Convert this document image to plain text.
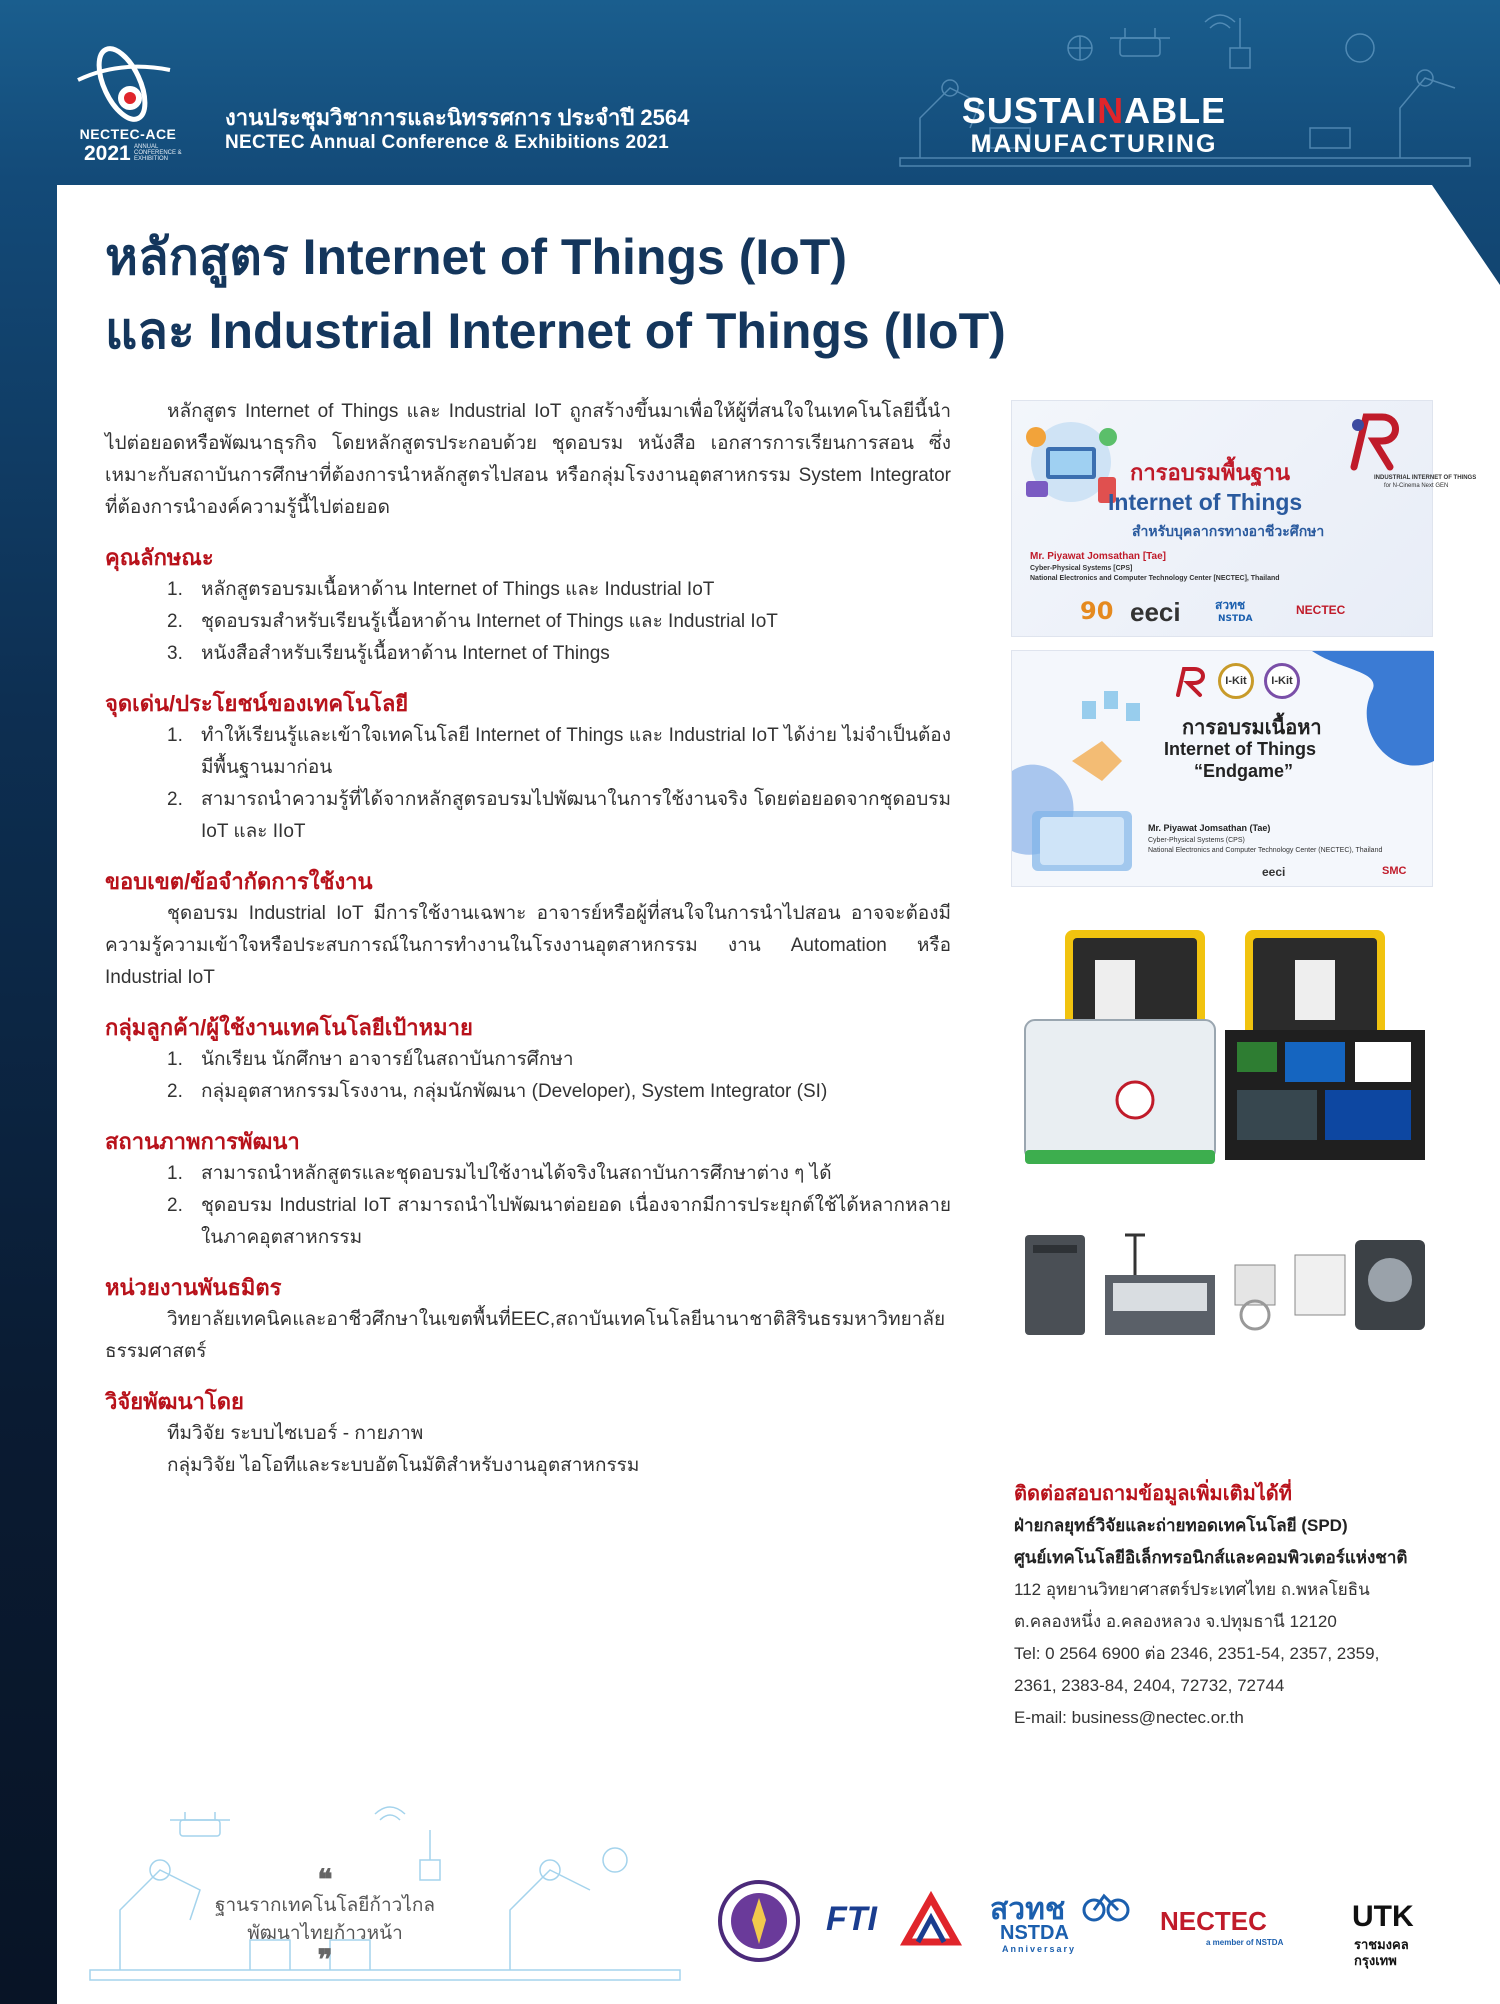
NECTEC-ACE
2021 ANNUAL CONFERENCE & EXHIBITION
งานประชุมวิชาการและนิทรรศการ ประจำปี 2564
NECTEC Annual Conference & Exhibitions 2021
SUSTAINABLE
MANUFACTURING
หลักสูตร Internet of Things (IoT)
และ Industrial Internet of Things (IIoT)

หลักสูตร Internet of Things และ Industrial IoT ถูกสร้างขึ้นมาเพื่อให้ผู้ที่สนใจในเทคโนโลยีนี้นำไปต่อยอดหรือพัฒนาธุรกิจ โดยหลักสูตรประกอบด้วย ชุดอบรม หนังสือ เอกสารการเรียนการสอน ซึ่งเหมาะกับสถาบันการศึกษาที่ต้องการนำหลักสูตรไปสอน หรือกลุ่มโรงงานอุตสาหกรรม System Integrator ที่ต้องการนำองค์ความรู้นี้ไปต่อยอด

คุณลักษณะ
1. หลักสูตรอบรมเนื้อหาด้าน Internet of Things และ Industrial IoT
2. ชุดอบรมสำหรับเรียนรู้เนื้อหาด้าน Internet of Things และ Industrial IoT
3. หนังสือสำหรับเรียนรู้เนื้อหาด้าน Internet of Things
จุดเด่น/ประโยชน์ของเทคโนโลยี
1. ทำให้เรียนรู้และเข้าใจเทคโนโลยี Internet of Things และ Industrial IoT ได้ง่าย ไม่จำเป็นต้องมีพื้นฐานมาก่อน
2. สามารถนำความรู้ที่ได้จากหลักสูตรอบรมไปพัฒนาในการใช้งานจริง โดยต่อยอดจากชุดอบรม IoT และ IIoT
ขอบเขต/ข้อจำกัดการใช้งาน

ชุดอบรม Industrial IoT มีการใช้งานเฉพาะ อาจารย์หรือผู้ที่สนใจในการนำไปสอน อาจจะต้องมีความรู้ความเข้าใจหรือประสบการณ์ในการทำงานในโรงงานอุตสาหกรรม งาน Automation หรือ Industrial IoT

กลุ่มลูกค้า/ผู้ใช้งานเทคโนโลยีเป้าหมาย
1. นักเรียน นักศึกษา อาจารย์ในสถาบันการศึกษา
2. กลุ่มอุตสาหกรรมโรงงาน, กลุ่มนักพัฒนา (Developer), System Integrator (SI)
สถานภาพการพัฒนา
1. สามารถนำหลักสูตรและชุดอบรมไปใช้งานได้จริงในสถาบันการศึกษาต่าง ๆ ได้
2. ชุดอบรม Industrial IoT สามารถนำไปพัฒนาต่อยอด เนื่องจากมีการประยุกต์ใช้ได้หลากหลายในภาคอุตสาหกรรม
หน่วยงานพันธมิตร

วิทยาลัยเทคนิคและอาชีวศึกษาในเขตพื้นที่EEC,สถาบันเทคโนโลยีนานาชาติสิรินธรมหาวิทยาลัยธรรมศาสตร์

วิจัยพัฒนาโดย
ทีมวิจัย ระบบไซเบอร์ - กายภาพ
กลุ่มวิจัย ไอโอทีและระบบอัตโนมัติสำหรับงานอุตสาหกรรม
INDUSTRIAL INTERNET OF THINGS
for N-Cinema Next GEN
การอบรมพื้นฐาน
Internet of Things
สำหรับบุคลากรทางอาชีวะศึกษา
Mr. Piyawat Jomsathan [Tae]
Cyber-Physical Systems [CPS]
National Electronics and Computer Technology Center [NECTEC], Thailand
90 eeci	สวทช
NSTDA
NECTEC
I-Kit	I-Kit
การอบรมเนื้อหา
Internet of Things
“Endgame”
Mr. Piyawat Jomsathan (Tae)
Cyber-Physical Systems (CPS)
National Electronics and Computer Technology Center (NECTEC), Thailand
eeci	SMC
ติดต่อสอบถามข้อมูลเพิ่มเติมได้ที่
ฝ่ายกลยุทธ์วิจัยและถ่ายทอดเทคโนโลยี (SPD)
ศูนย์เทคโนโลยีอิเล็กทรอนิกส์และคอมพิวเตอร์แห่งชาติ
112 อุทยานวิทยาศาสตร์ประเทศไทย ถ.พหลโยธิน
ต.คลองหนึ่ง อ.คลองหลวง จ.ปทุมธานี 12120
Tel: 0 2564 6900 ต่อ 2346, 2351-54, 2357, 2359,
2361, 2383-84, 2404, 72732, 72744
E-mail: business@nectec.or.th
❝
ฐานรากเทคโนโลยีก้าวไกล
พัฒนาไทยก้าวหน้า
❞
FTI	สวทช
NSTDA
Anniversary
NECTEC
a member of NSTDA
UTK
ราชมงคล
กรุงเทพ
